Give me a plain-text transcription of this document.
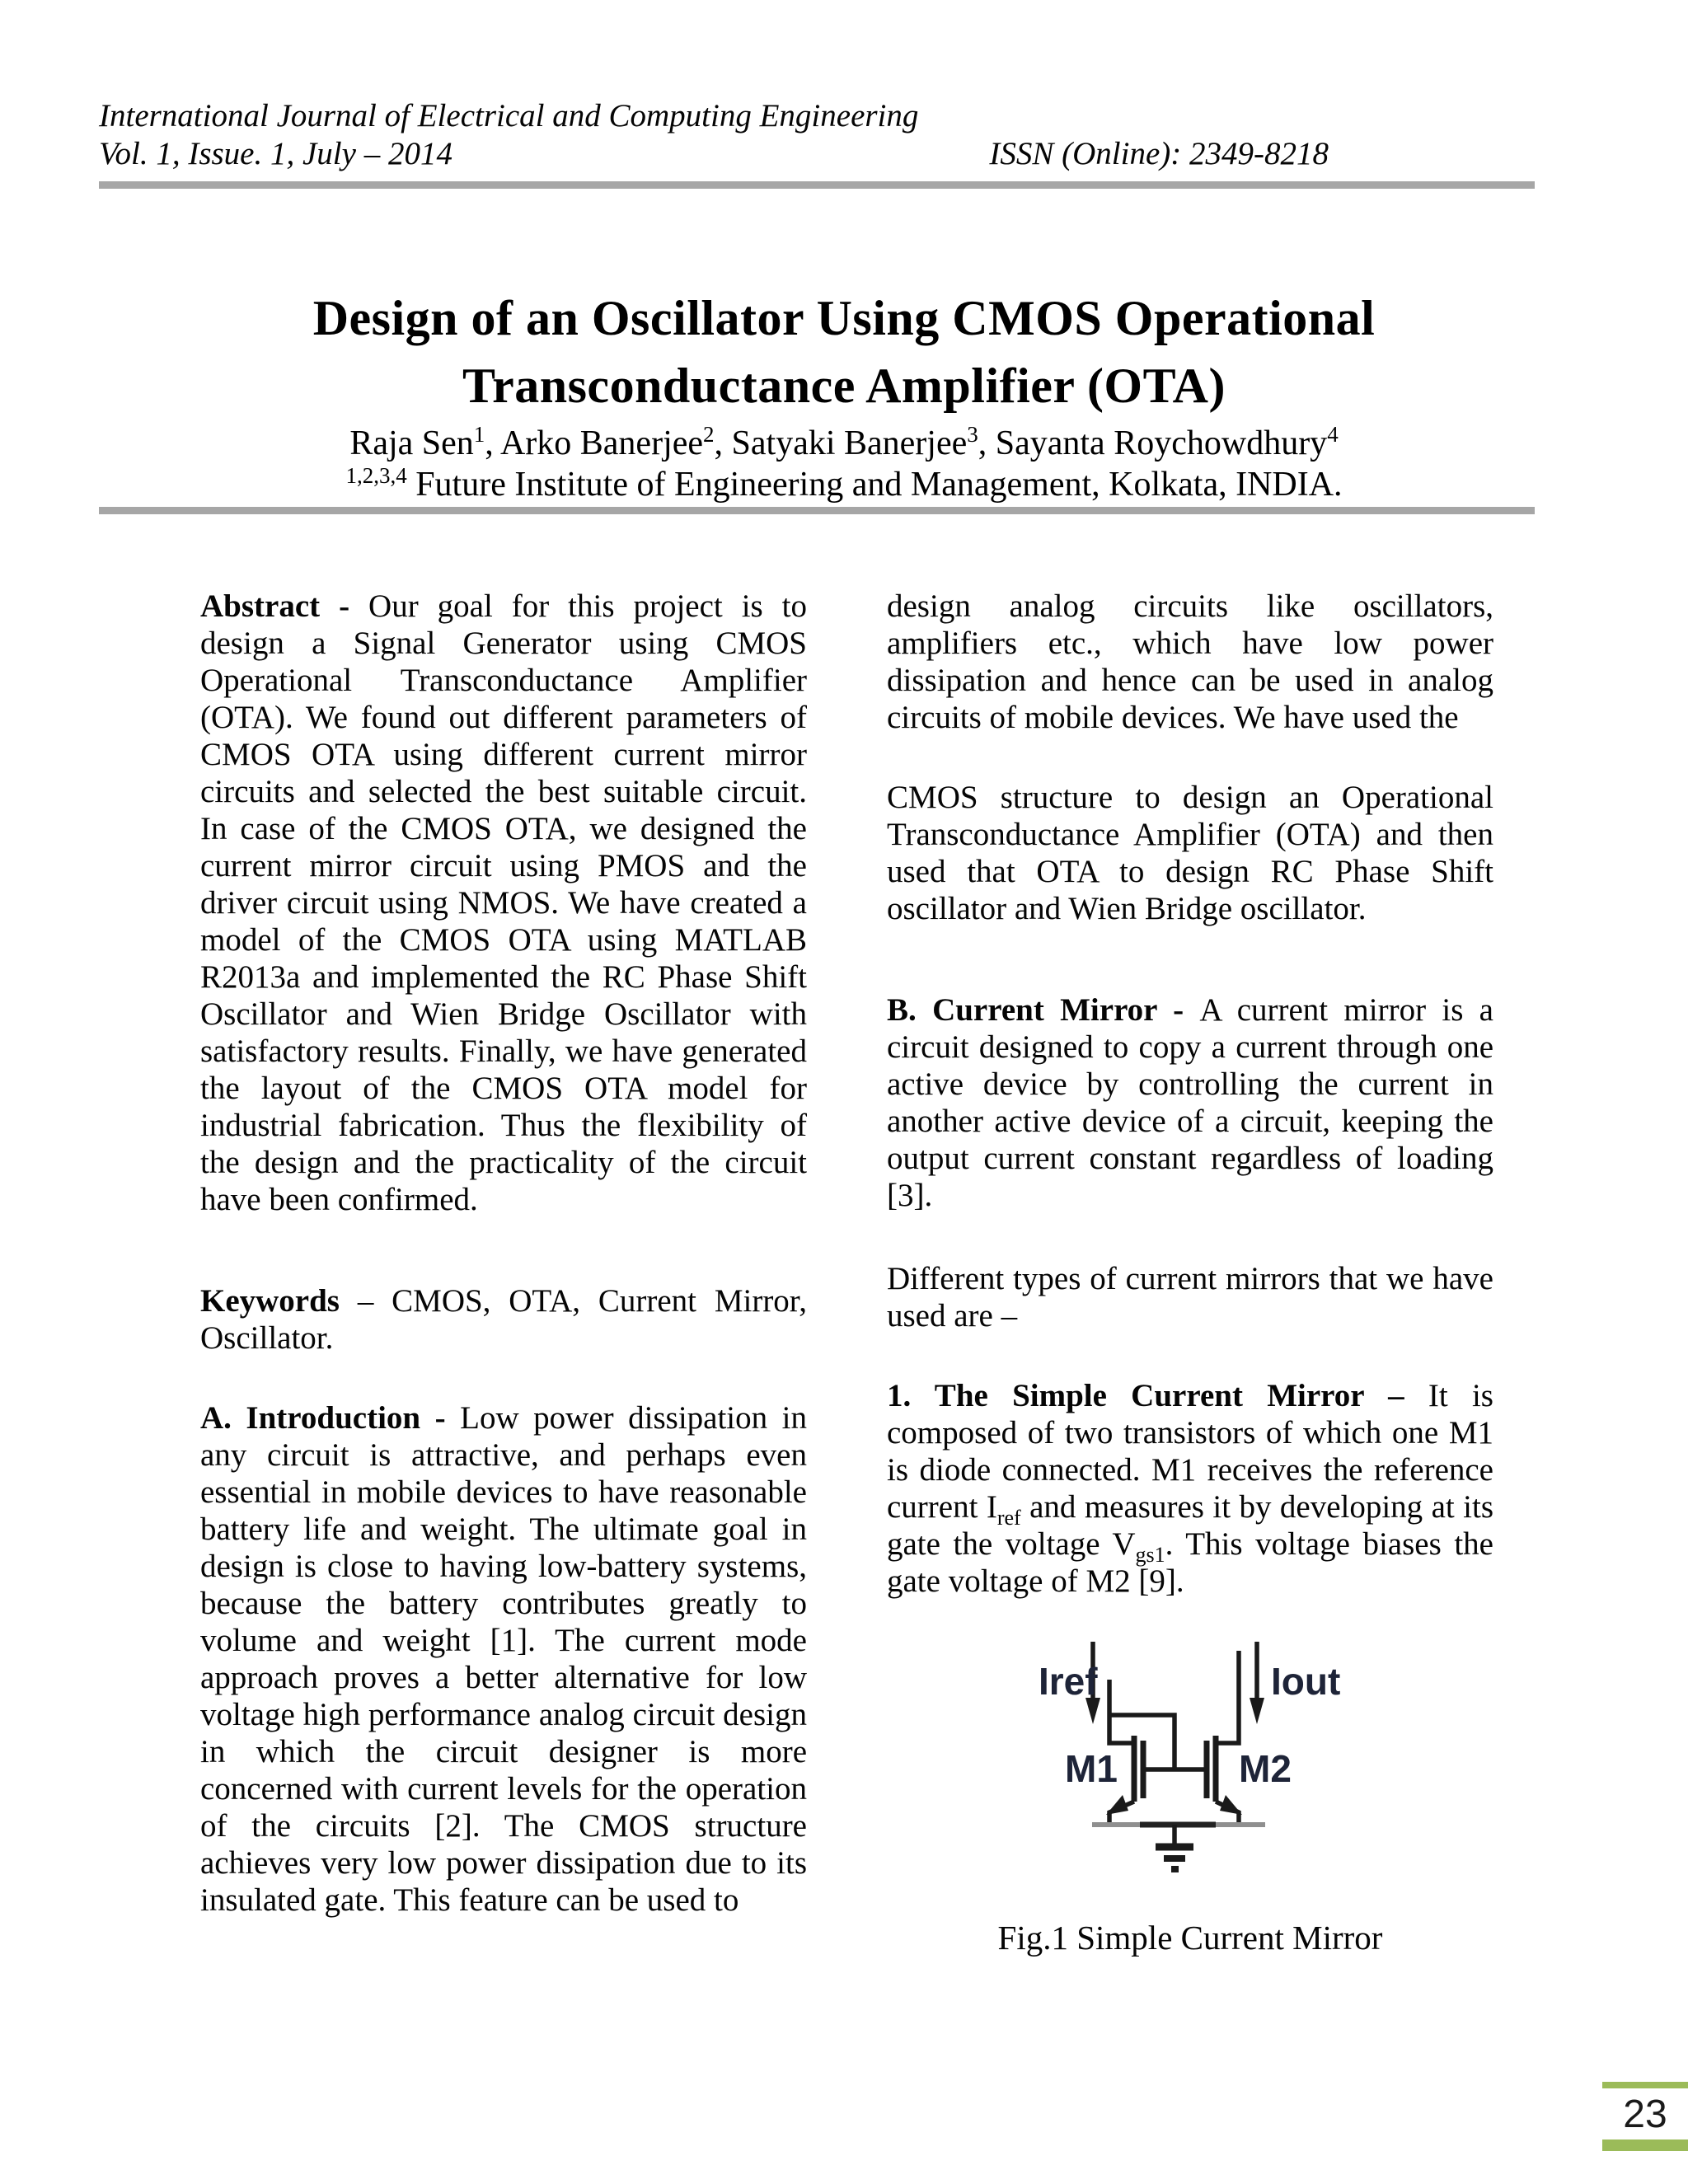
International Journal of Electrical and Computing Engineering
Vol. 1, Issue. 1, July – 2014	ISSN (Online): 2349-8218
Design of an Oscillator Using CMOS Operational
Transconductance Amplifier (OTA)
Raja Sen$^1$, Arko Banerjee$^2$, Satyaki Banerjee$^3$, Sayanta Roychowdhury$^4$
$^{1,2,3,4}$ Future Institute of Engineering and Management, Kolkata, INDIA.

Abstract - Our goal for this project is to design a Signal Generator using CMOS Operational Transconductance Amplifier (OTA). We found out different parameters of CMOS OTA using different current mirror circuits and selected the best suitable circuit. In case of the CMOS OTA, we designed the current mirror circuit using PMOS and the driver circuit using NMOS. We have created a model of the CMOS OTA using MATLAB R2013a and implemented the RC Phase Shift Oscillator and Wien Bridge Oscillator with satisfactory results. Finally, we have generated the layout of the CMOS OTA model for industrial fabrication. Thus the flexibility of the design and the practicality of the circuit have been confirmed.

Keywords – CMOS, OTA, Current Mirror, Oscillator.

A. Introduction - Low power dissipation in any circuit is attractive, and perhaps even essential in mobile devices to have reasonable battery life and weight. The ultimate goal in design is close to having low-battery systems, because the battery contributes greatly to volume and weight [1]. The current mode approach proves a better alternative for low voltage high performance analog circuit design in which the circuit designer is more concerned with current levels for the operation of the circuits [2]. The CMOS structure achieves very low power dissipation due to its insulated gate. This feature can be used to

design analog circuits like oscillators, amplifiers etc., which have low power dissipation and hence can be used in analog circuits of mobile devices. We have used the

CMOS structure to design an Operational Transconductance Amplifier (OTA) and then used that OTA to design RC Phase Shift oscillator and Wien Bridge oscillator.

B. Current Mirror - A current mirror is a circuit designed to copy a current through one active device by controlling the current in another active device of a circuit, keeping the output current constant regardless of loading [3].

Different types of current mirrors that we have used are –

1. The Simple Current Mirror – It is composed of two transistors of which one M1 is diode connected. M1 receives the reference current $I_{ref}$ and measures it by developing at its gate the voltage $V_{gs1}$. This voltage biases the gate voltage of M2 [9].

Iref	Iout
M1	M2
Fig.1 Simple Current Mirror
23
